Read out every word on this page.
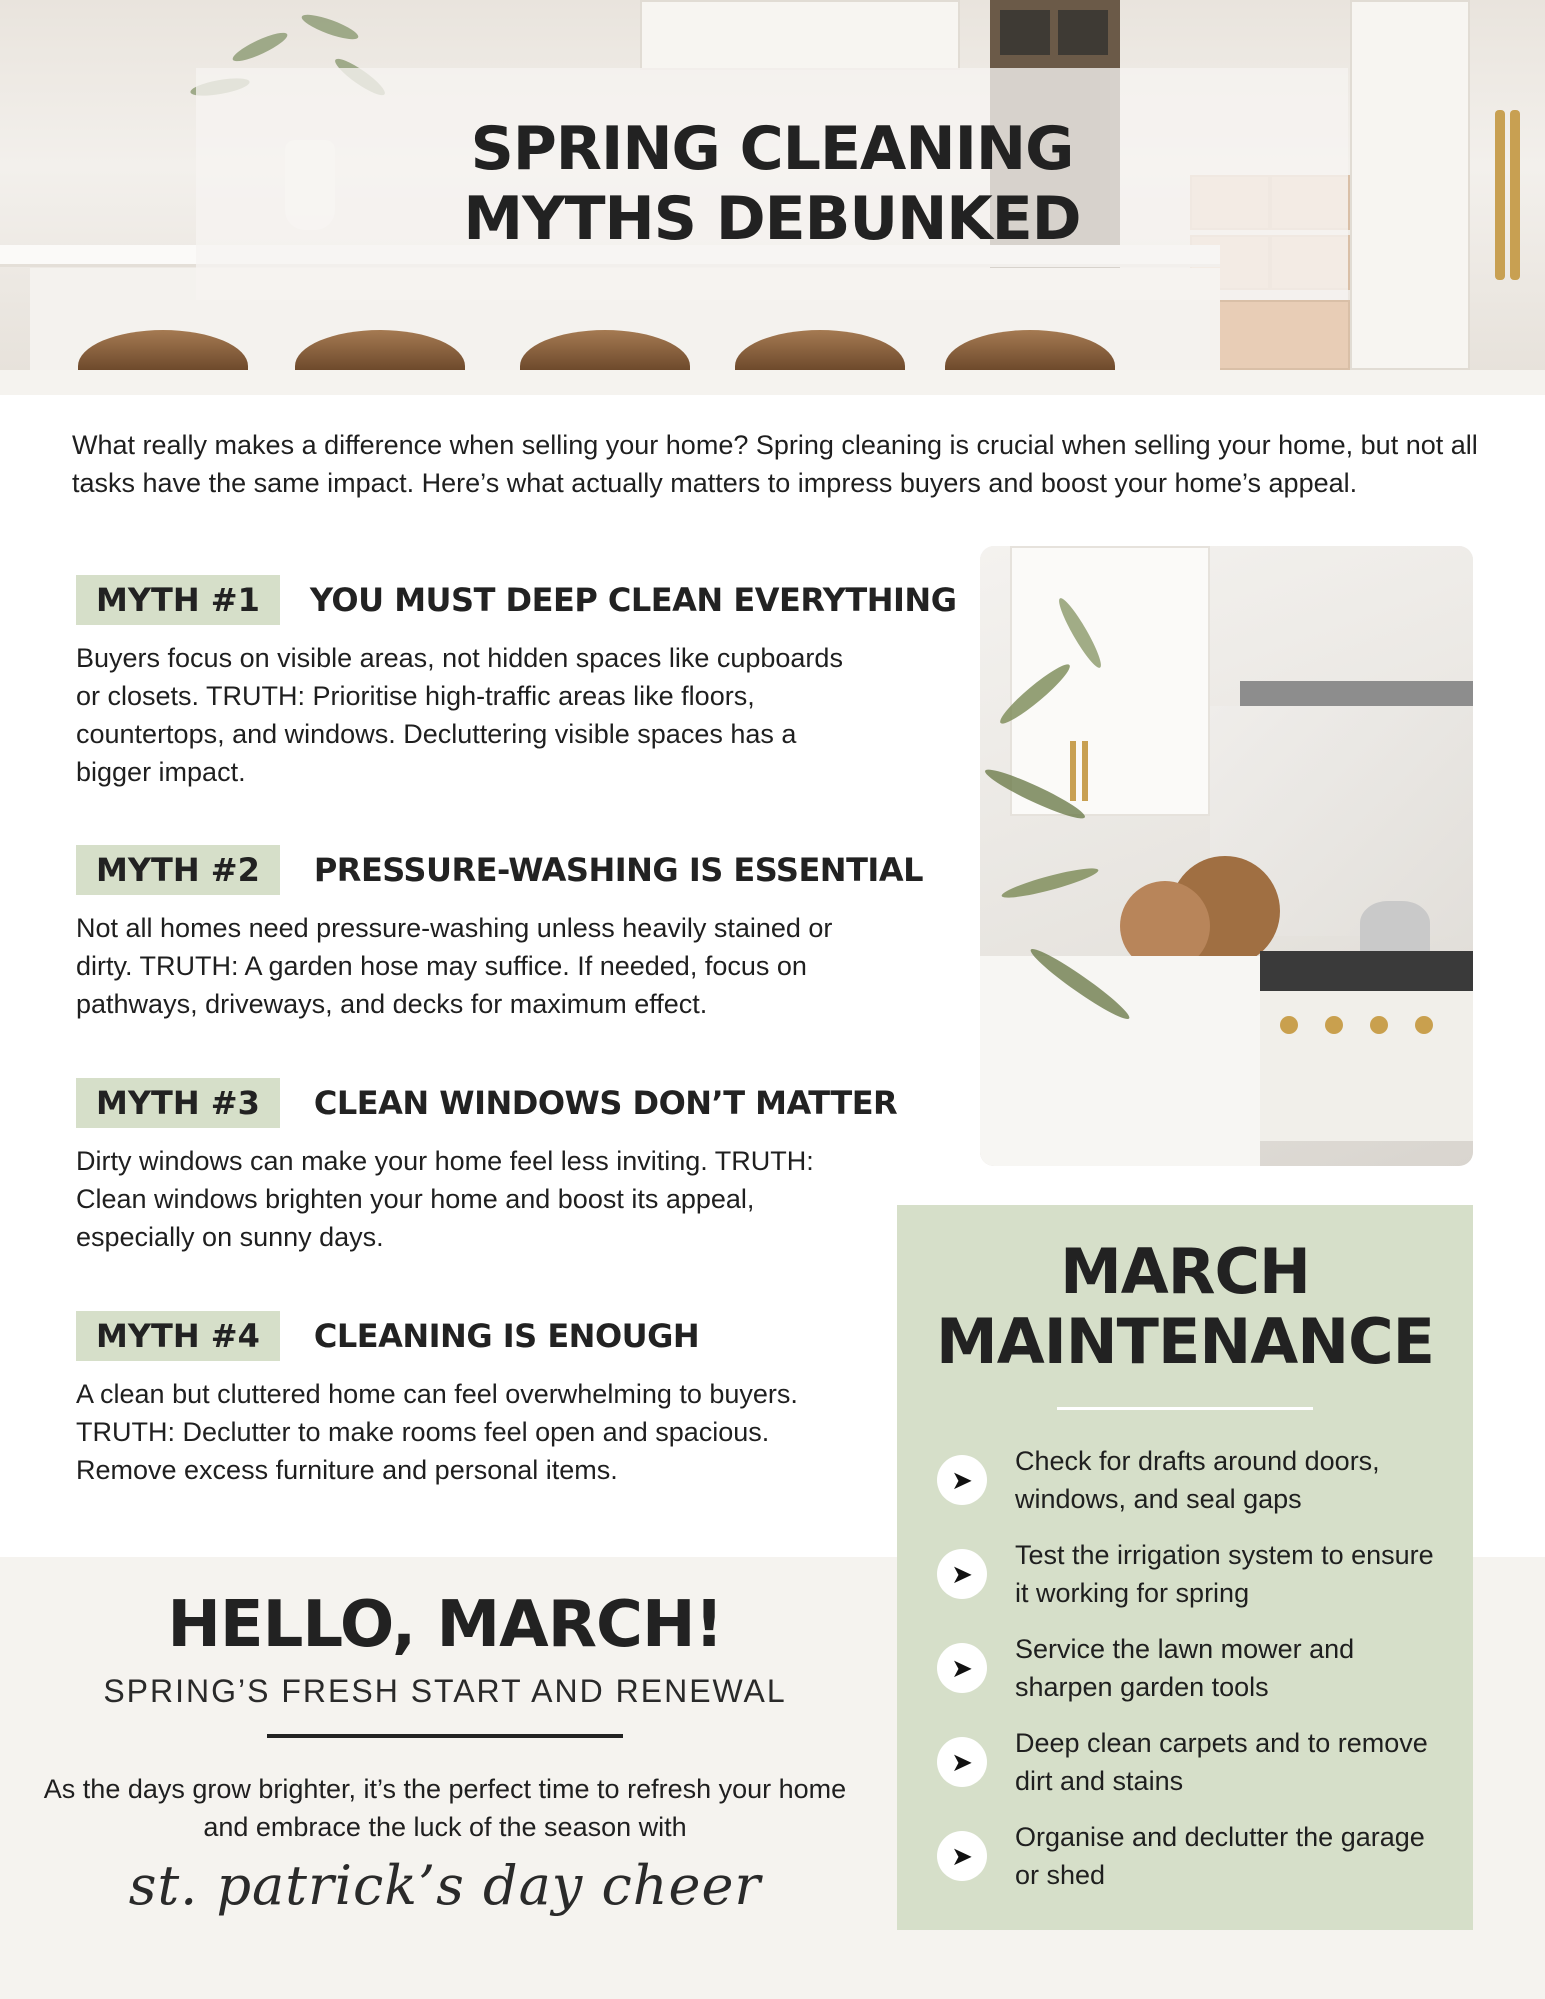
SPRING CLEANING
MYTHS DEBUNKED

What really makes a difference when selling your home? Spring cleaning is crucial when selling your home, but not all tasks have the same impact. Here’s what actually matters to impress buyers and boost your home’s appeal.

MYTH #1	YOU MUST DEEP CLEAN EVERYTHING

Buyers focus on visible areas, not hidden spaces like cupboards or closets. TRUTH: Prioritise high-traffic areas like floors, countertops, and windows. Decluttering visible spaces has a bigger impact.

MYTH #2	PRESSURE-WASHING IS ESSENTIAL

Not all homes need pressure-washing unless heavily stained or dirty. TRUTH: A garden hose may suffice. If needed, focus on pathways, driveways, and decks for maximum effect.

MYTH #3	CLEAN WINDOWS DON’T MATTER

Dirty windows can make your home feel less inviting. TRUTH: Clean windows brighten your home and boost its appeal, especially on sunny days.

MYTH #4	CLEANING IS ENOUGH

A clean but cluttered home can feel overwhelming to buyers. TRUTH: Declutter to make rooms feel open and spacious. Remove excess furniture and personal items.

HELLO, MARCH!
SPRING’S FRESH START AND RENEWAL

As the days grow brighter, it’s the perfect time to refresh your home and embrace the luck of the season with

st. patrick’s day cheer
MARCH
MAINTENANCE
➤
Check for drafts around doors, windows, and seal gaps
➤
Test the irrigation system to ensure it working for spring
➤
Service the lawn mower and sharpen garden tools
➤
Deep clean carpets and to remove dirt and stains
➤
Organise and declutter the garage or shed
